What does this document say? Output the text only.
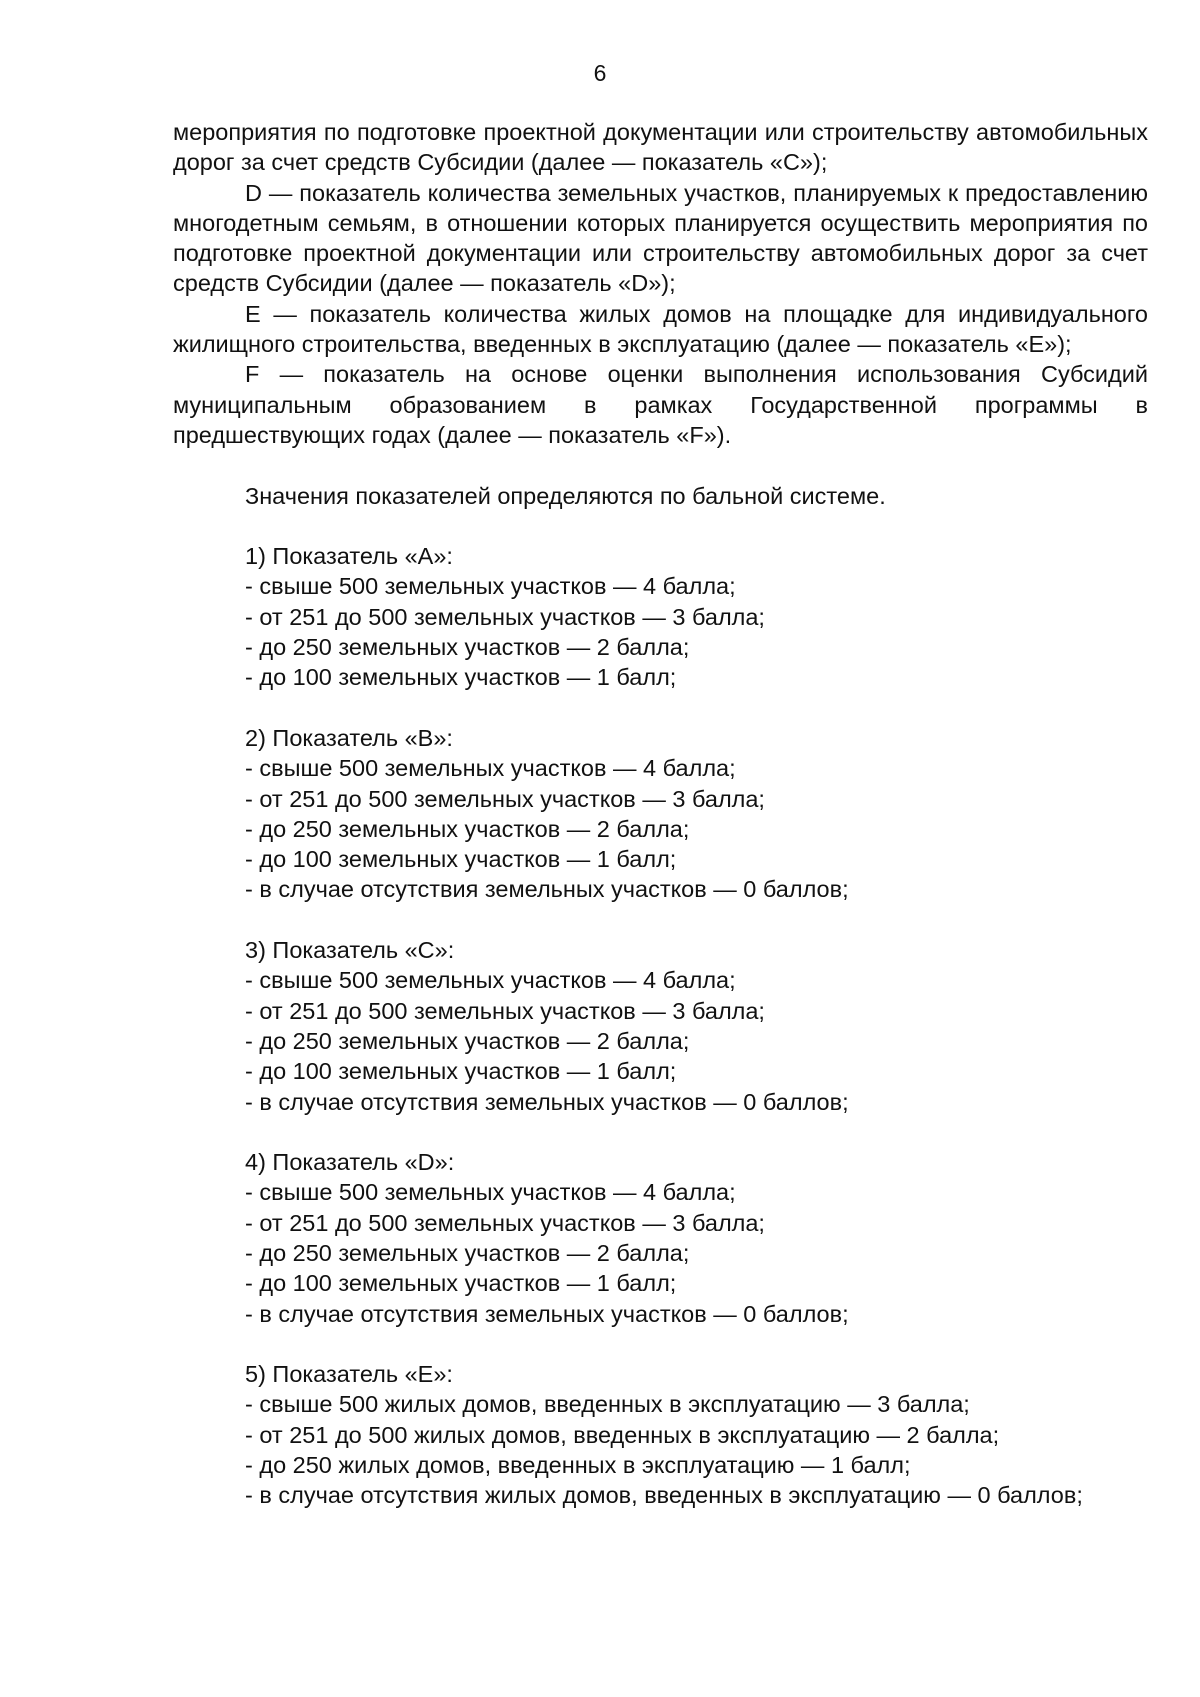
6

мероприятия по подготовке проектной документации или строительству автомобильных дорог за счет средств Субсидии (далее — показатель «C»);

D — показатель количества земельных участков, планируемых к предоставлению многодетным семьям, в отношении которых планируется осуществить мероприятия по подготовке проектной документации или строительству автомобильных дорог за счет средств Субсидии (далее — показатель «D»);

E — показатель количества жилых домов на площадке для индивидуального жилищного строительства, введенных в эксплуатацию (далее — показатель «E»);

F — показатель на основе оценки выполнения использования Субсидий муниципальным образованием в рамках Государственной программы в предшествующих годах (далее — показатель «F»).

Значения показателей определяются по бальной системе.

1) Показатель «A»:

- свыше 500 земельных участков — 4 балла;

- от 251 до 500 земельных участков — 3 балла;

- до 250 земельных участков — 2 балла;

- до 100 земельных участков — 1 балл;

2) Показатель «B»:

- свыше 500 земельных участков — 4 балла;

- от 251 до 500 земельных участков — 3 балла;

- до 250 земельных участков — 2 балла;

- до 100 земельных участков — 1 балл;

- в случае отсутствия земельных участков — 0 баллов;

3) Показатель «C»:

- свыше 500 земельных участков — 4 балла;

- от 251 до 500 земельных участков — 3 балла;

- до 250 земельных участков — 2 балла;

- до 100 земельных участков — 1 балл;

- в случае отсутствия земельных участков — 0 баллов;

4) Показатель «D»:

- свыше 500 земельных участков — 4 балла;

- от 251 до 500 земельных участков — 3 балла;

- до 250 земельных участков — 2 балла;

- до 100 земельных участков — 1 балл;

- в случае отсутствия земельных участков — 0 баллов;

5) Показатель «E»:

- свыше 500 жилых домов, введенных в эксплуатацию — 3 балла;

- от 251 до 500 жилых домов, введенных в эксплуатацию — 2 балла;

- до 250 жилых домов, введенных в эксплуатацию — 1 балл;

- в случае отсутствия жилых домов, введенных в эксплуатацию — 0 баллов;
